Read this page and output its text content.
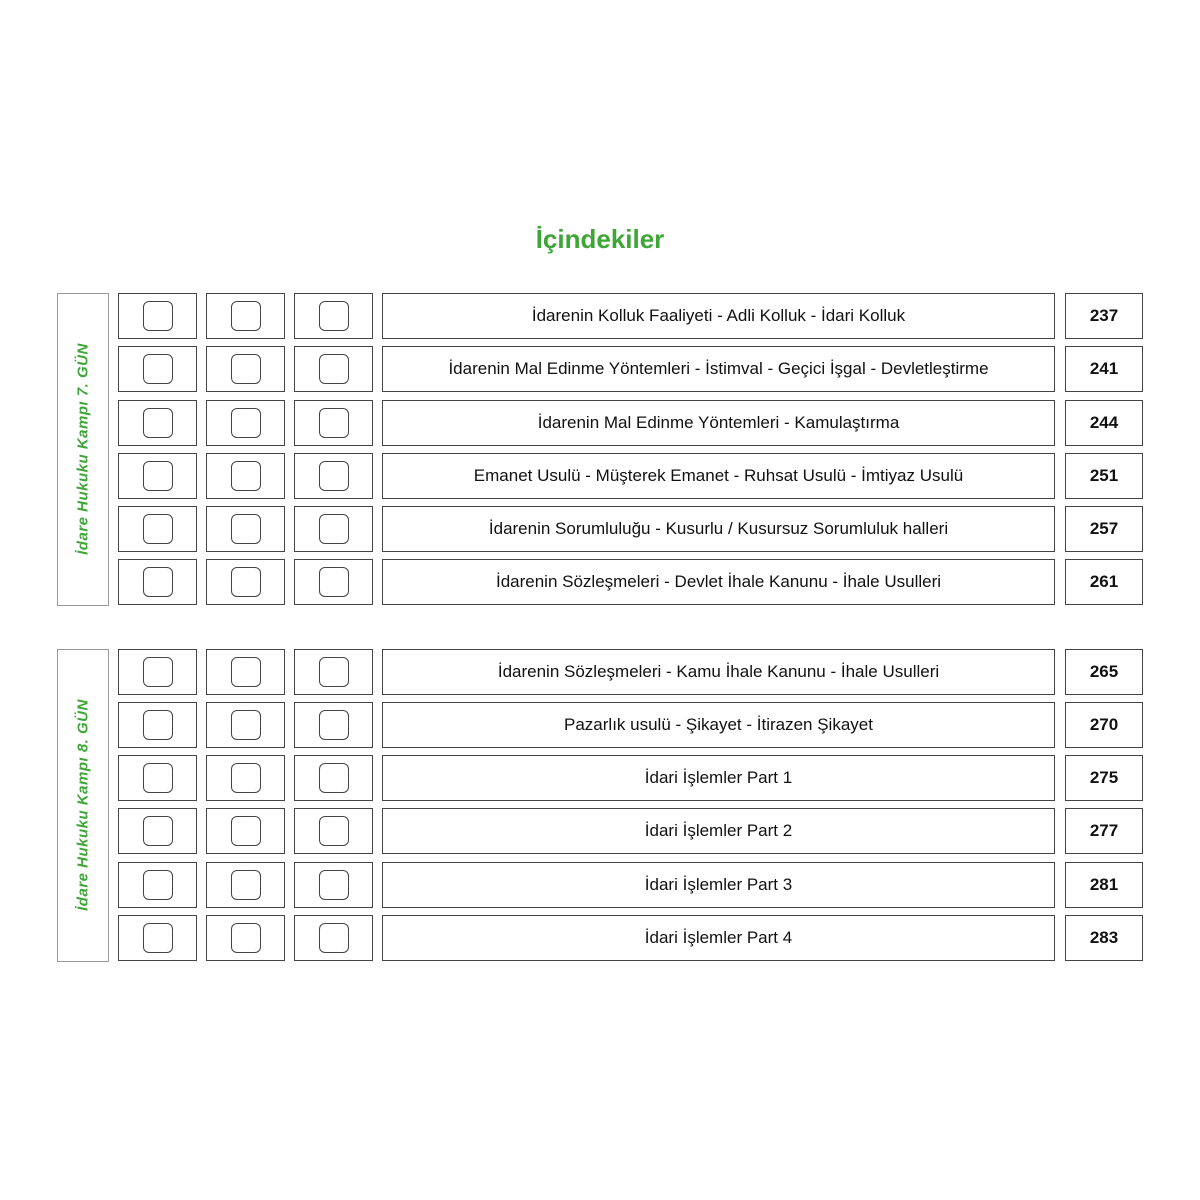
İçindekiler
İdare Hukuku Kampı 7. GÜN
İdarenin Kolluk Faaliyeti - Adli Kolluk - İdari Kolluk	237
İdarenin Mal Edinme Yöntemleri - İstimval - Geçici İşgal - Devletleştirme	241
İdarenin Mal Edinme Yöntemleri - Kamulaştırma	244
Emanet Usulü - Müşterek Emanet - Ruhsat Usulü - İmtiyaz Usulü	251
İdarenin Sorumluluğu - Kusurlu / Kusursuz Sorumluluk halleri	257
İdarenin Sözleşmeleri - Devlet İhale Kanunu - İhale Usulleri	261
İdare Hukuku Kampı 8. GÜN
İdarenin Sözleşmeleri - Kamu İhale Kanunu - İhale Usulleri	265
Pazarlık usulü - Şikayet - İtirazen Şikayet	270
İdari İşlemler Part 1	275
İdari İşlemler Part 2	277
İdari İşlemler Part 3	281
İdari İşlemler Part 4	283
